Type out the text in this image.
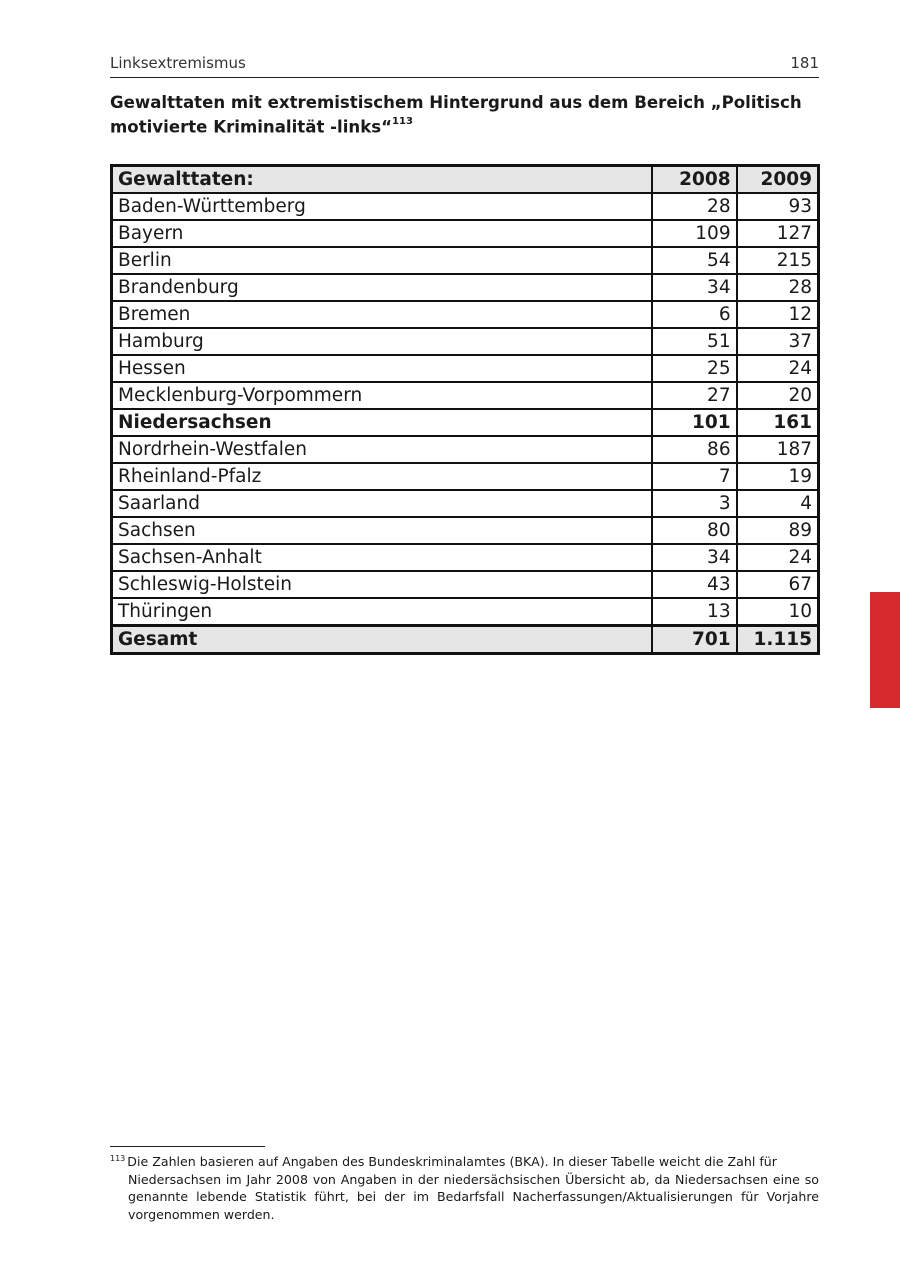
Linksextremismus	181
Gewalttaten mit extremistischem Hintergrund aus dem Bereich „Politisch motivierte Kriminalität -links“$^{113}$
Gewalttaten:	2008	2009
Baden-Württemberg	28	93
Bayern	109	127
Berlin	54	215
Brandenburg	34	28
Bremen	6	12
Hamburg	51	37
Hessen	25	24
Mecklenburg-Vorpommern	27	20
Niedersachsen	101	161
Nordrhein-Westfalen	86	187
Rheinland-Pfalz	7	19
Saarland	3	4
Sachsen	80	89
Sachsen-Anhalt	34	24
Schleswig-Holstein	43	67
Thüringen	13	10
Gesamt	701	1.115
$^{113}$ Die Zahlen basieren auf Angaben des Bundeskriminalamtes (BKA). In dieser Tabelle weicht die Zahl für
Niedersachsen im Jahr 2008 von Angaben in der niedersächsischen Übersicht ab, da Niedersachsen eine so genannte lebende Statistik führt, bei der im Bedarfsfall Nacherfassungen/Aktualisierungen für Vorjahre vorgenommen werden.
